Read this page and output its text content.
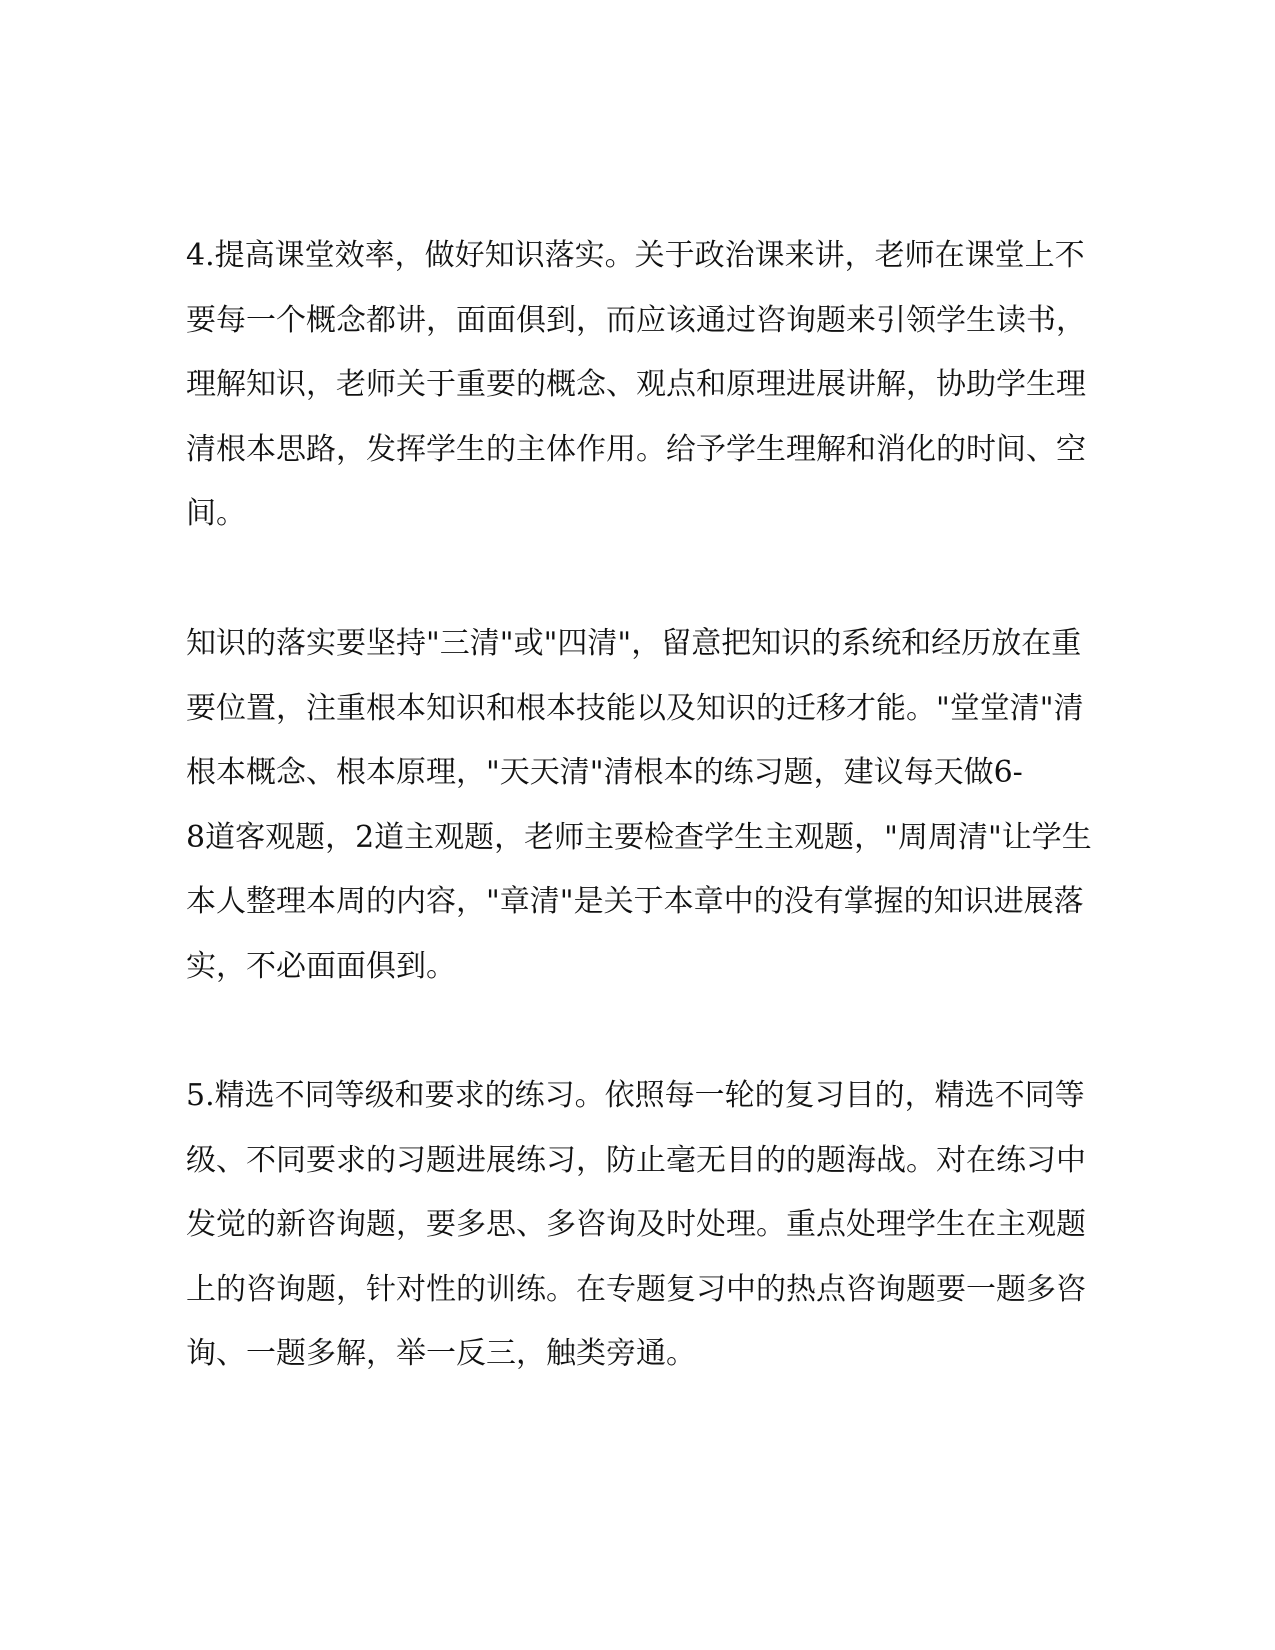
4.提高课堂效率，做好知识落实。关于政治课来讲，老师在课堂上不
要每一个概念都讲，面面俱到，而应该通过咨询题来引领学生读书，
理解知识，老师关于重要的概念、观点和原理进展讲解，协助学生理
清根本思路，发挥学生的主体作用。给予学生理解和消化的时间、空
间。
知识的落实要坚持"三清"或"四清"，留意把知识的系统和经历放在重
要位置，注重根本知识和根本技能以及知识的迁移才能。"堂堂清"清
根本概念、根本原理，"天天清"清根本的练习题，建议每天做6-
8道客观题，2道主观题，老师主要检查学生主观题，"周周清"让学生
本人整理本周的内容，"章清"是关于本章中的没有掌握的知识进展落
实，不必面面俱到。
5.精选不同等级和要求的练习。依照每一轮的复习目的，精选不同等
级、不同要求的习题进展练习，防止毫无目的的题海战。对在练习中
发觉的新咨询题，要多思、多咨询及时处理。重点处理学生在主观题
上的咨询题，针对性的训练。在专题复习中的热点咨询题要一题多咨
询、一题多解，举一反三，触类旁通。
